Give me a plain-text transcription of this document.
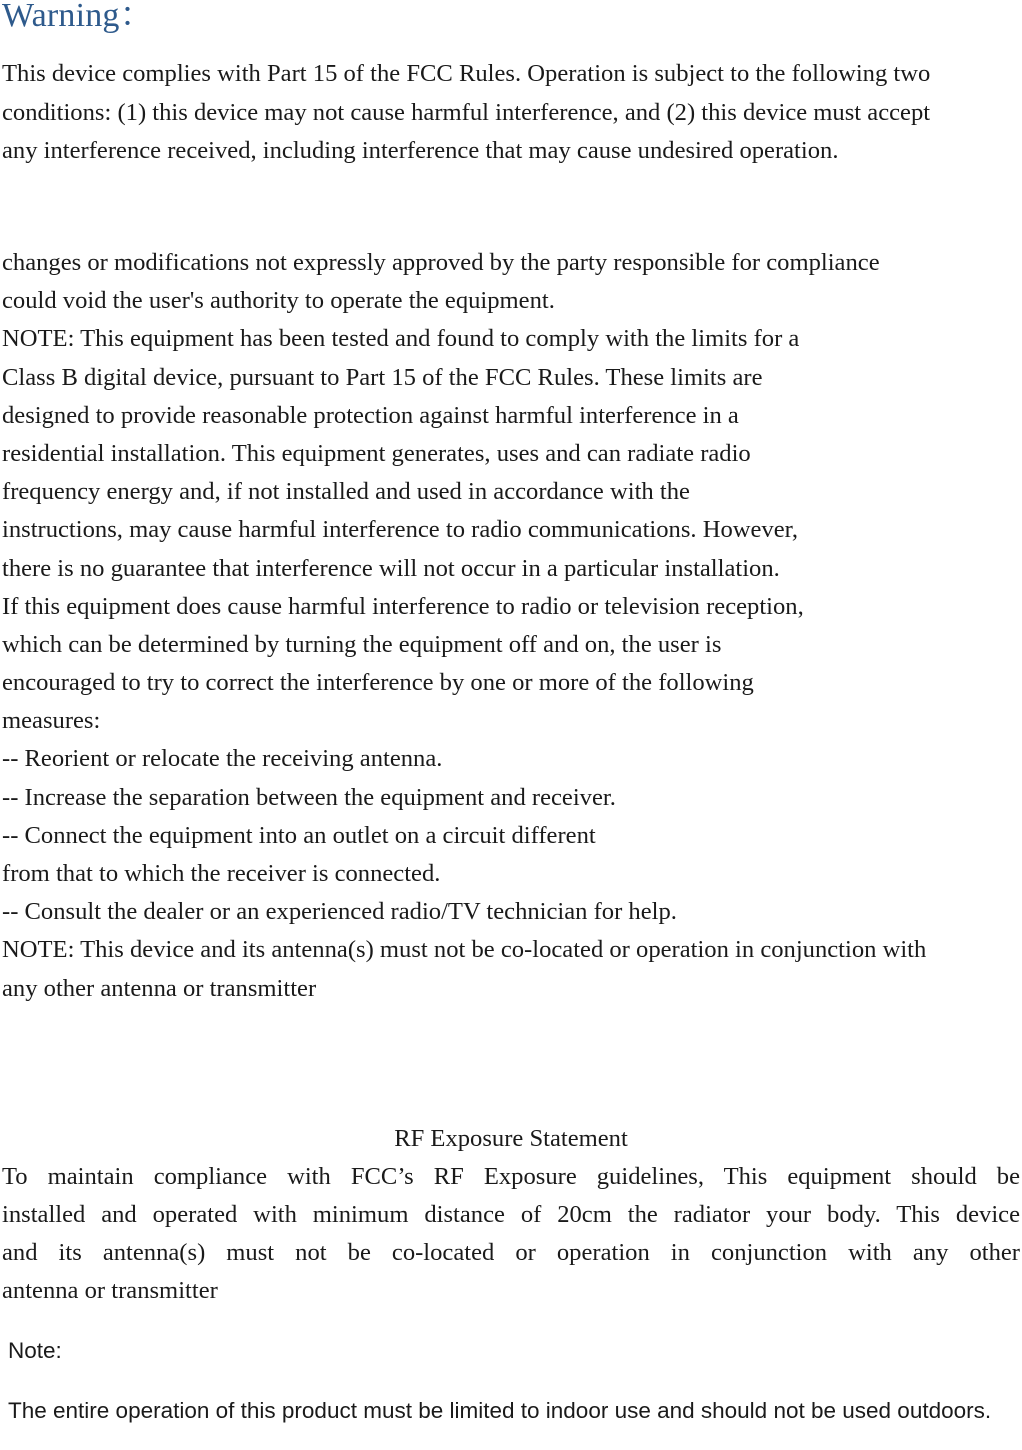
Warning：
This device complies with Part 15 of the FCC Rules. Operation is subject to the following two
conditions: (1) this device may not cause harmful interference, and (2) this device must accept
any interference received, including interference that may cause undesired operation.
changes or modifications not expressly approved by the party responsible for compliance
could void the user's authority to operate the equipment.
NOTE: This equipment has been tested and found to comply with the limits for a
Class B digital device, pursuant to Part 15 of the FCC Rules. These limits are
designed to provide reasonable protection against harmful interference in a
residential installation. This equipment generates, uses and can radiate radio
frequency energy and, if not installed and used in accordance with the
instructions, may cause harmful interference to radio communications. However,
there is no guarantee that interference will not occur in a particular installation.
If this equipment does cause harmful interference to radio or television reception,
which can be determined by turning the equipment off and on, the user is
encouraged to try to correct the interference by one or more of the following
measures:
-- Reorient or relocate the receiving antenna.
-- Increase the separation between the equipment and receiver.
-- Connect the equipment into an outlet on a circuit different
from that to which the receiver is connected.
-- Consult the dealer or an experienced radio/TV technician for help.
NOTE: This device and its antenna(s) must not be co-located or operation in conjunction with
any other antenna or transmitter
RF Exposure Statement
To maintain compliance with FCC’s RF Exposure guidelines, This equipment should be
installed and operated with minimum distance of 20cm the radiator your body. This device
and its antenna(s) must not be co-located or operation in conjunction with any other
antenna or transmitter
Note:
The entire operation of this product must be limited to indoor use and should not be used outdoors.
